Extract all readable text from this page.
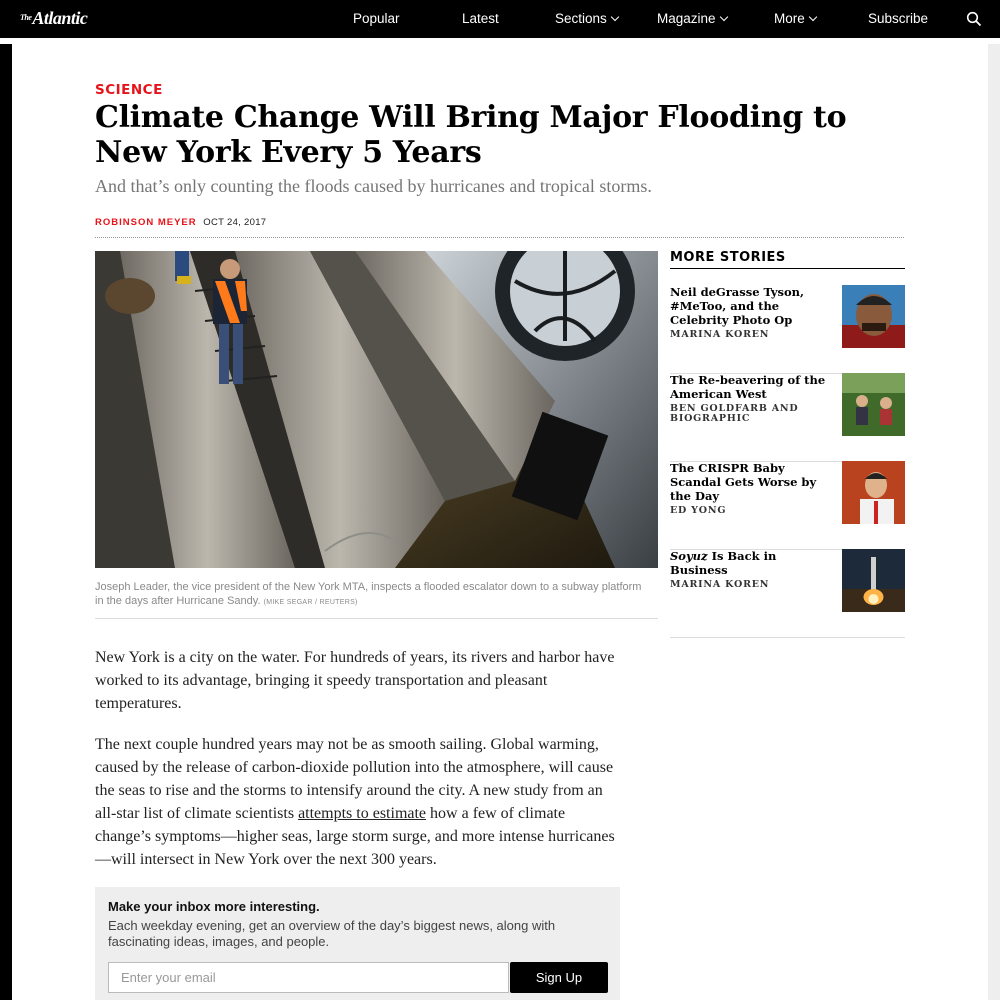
$^{The}$Atlantic	Popular	Latest	Sections	Magazine	More	Subscribe
SCIENCE
Climate Change Will Bring Major Flooding to New York Every 5 Years
And that’s only counting the floods caused by hurricanes and tropical storms.
ROBINSON MEYER OCT 24, 2017
Joseph Leader, the vice president of the New York MTA, inspects a flooded escalator down to a subway platform in the days after Hurricane Sandy. (MIKE SEGAR / REUTERS)

New York is a city on the water. For hundreds of years, its rivers and harbor have worked to its advantage, bringing it speedy transportation and pleasant temperatures.

The next couple hundred years may not be as smooth sailing. Global warming, caused by the release of carbon-dioxide pollution into the atmosphere, will cause the seas to rise and the storms to intensify around the city. A new study from an all-star list of climate scientists attempts to estimate how a few of climate change’s symptoms—higher seas, large storm surge, and more intense hurricanes—will intersect in New York over the next 300 years.

Make your inbox more interesting.
Each weekday evening, get an overview of the day’s biggest news, along with fascinating ideas, images, and people.
Enter your email
Sign Up
MORE STORIES
Neil deGrasse Tyson, #MeToo, and the Celebrity Photo Op
MARINA KOREN
The Re-beavering of the American West
BEN GOLDFARB AND BIOGRAPHIC
The CRISPR Baby Scandal Gets Worse by the Day
ED YONG
Soyuz Is Back in Business
MARINA KOREN
